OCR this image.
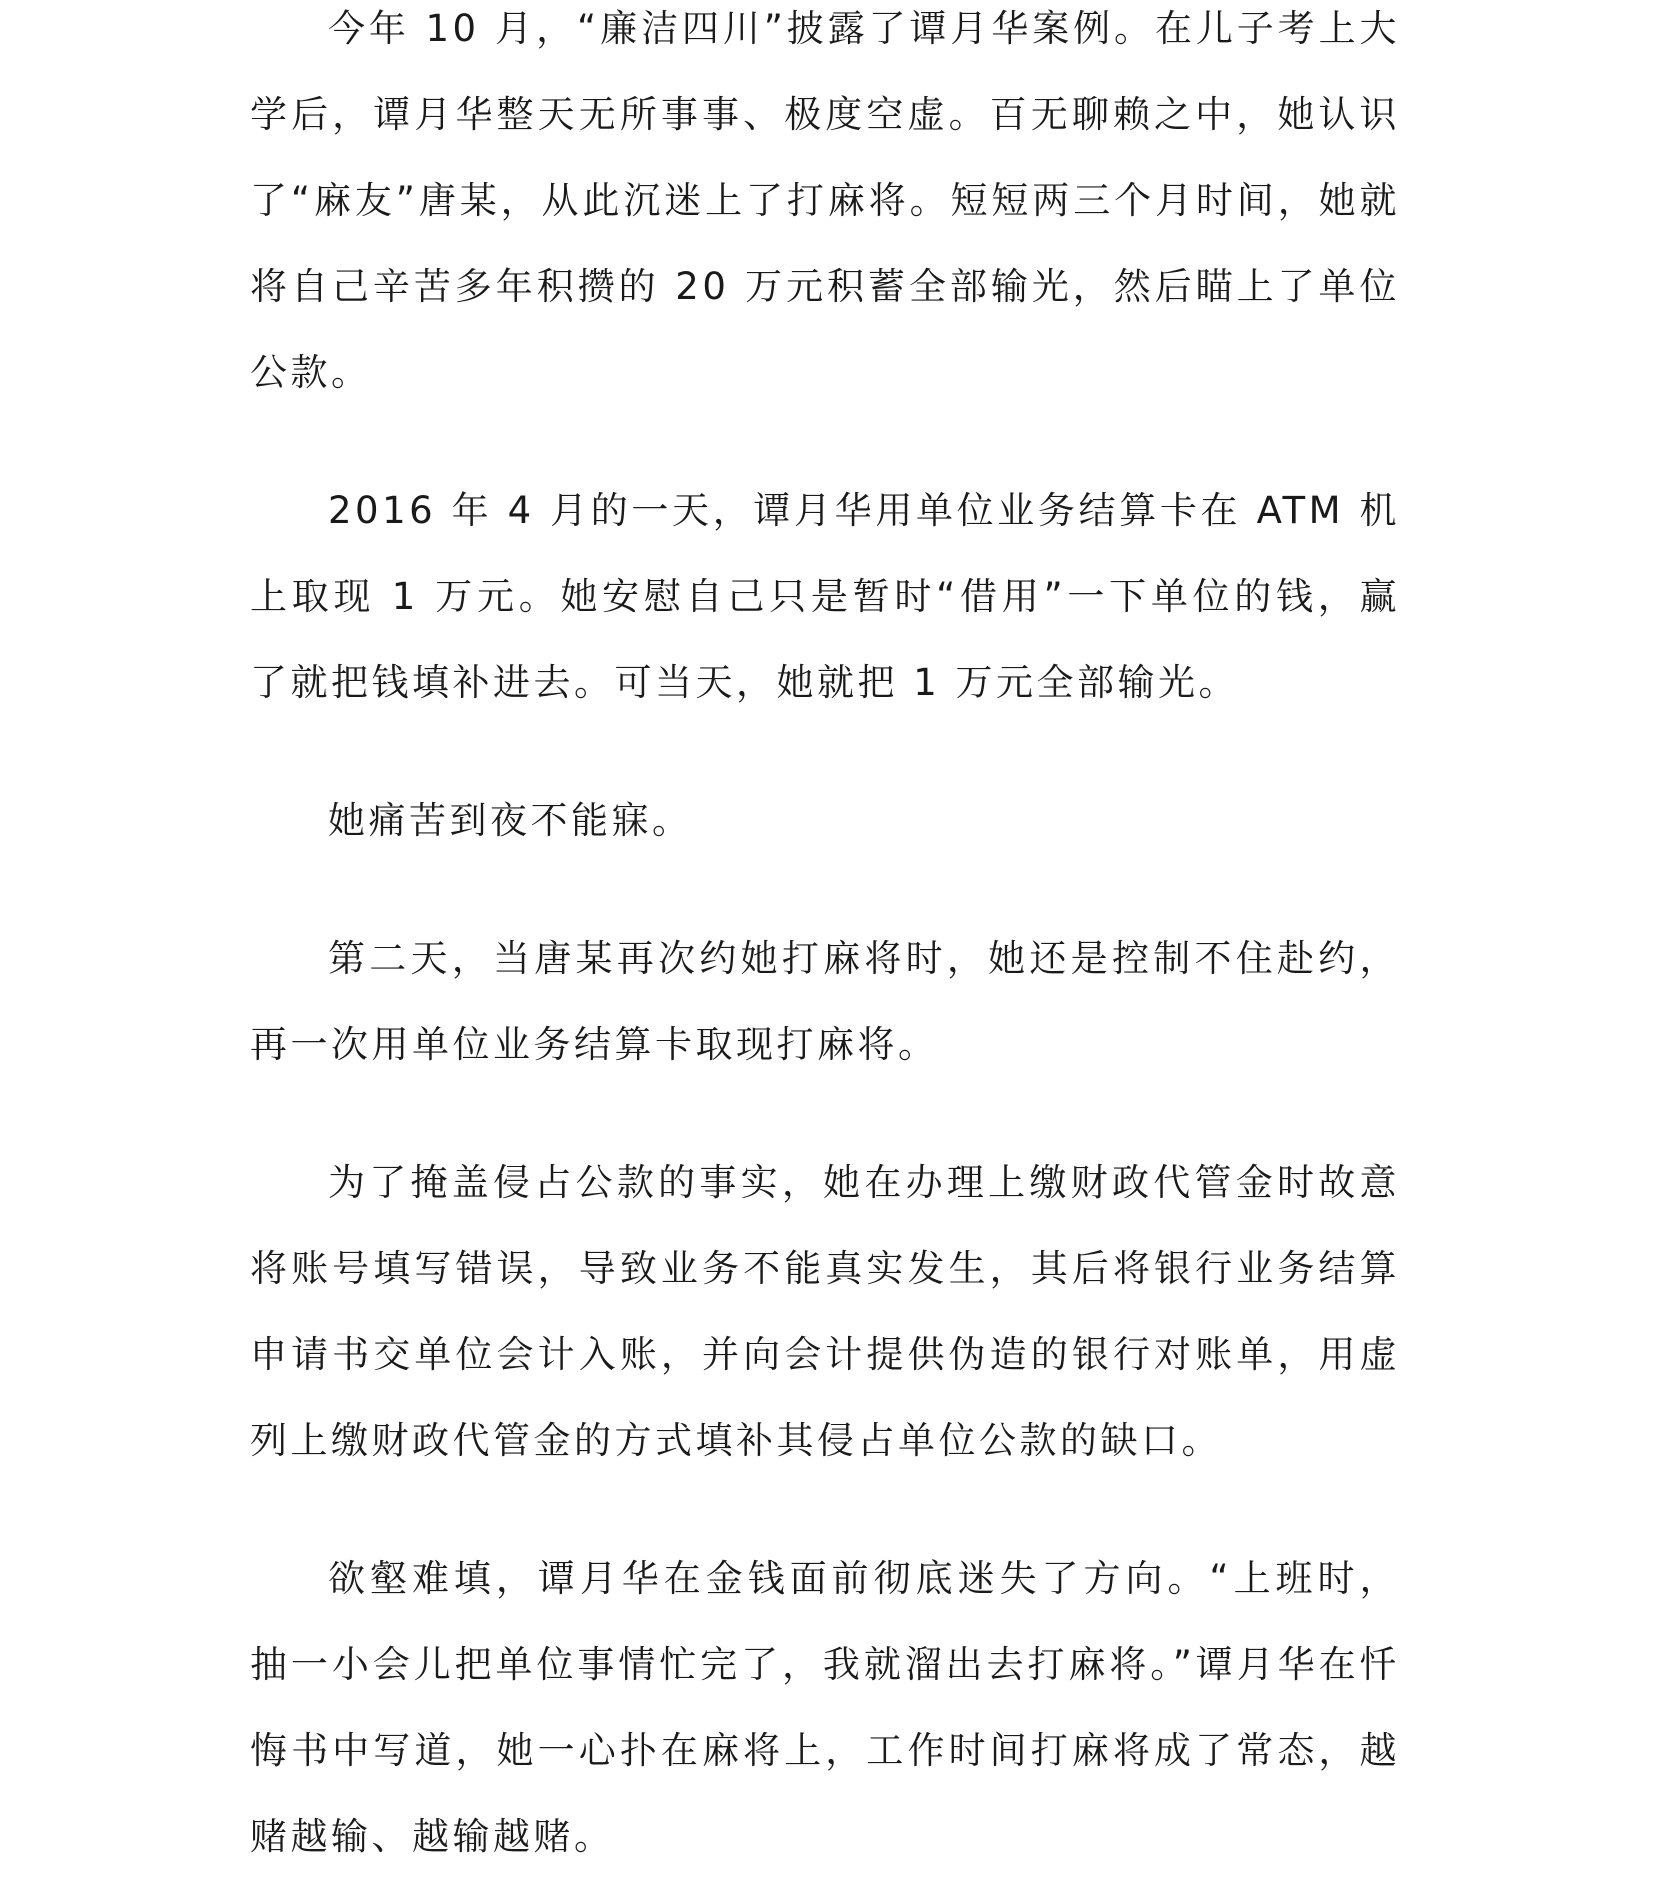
今年 10 月，“廉洁四川”披露了谭月华案例。在儿子考上大学后，谭月华整天无所事事、极度空虚。百无聊赖之中，她认识了“麻友”唐某，从此沉迷上了打麻将。短短两三个月时间，她就将自己辛苦多年积攒的 20 万元积蓄全部输光，然后瞄上了单位公款。

2016 年 4 月的一天，谭月华用单位业务结算卡在 ATM 机上取现 1 万元。她安慰自己只是暂时“借用”一下单位的钱，赢了就把钱填补进去。可当天，她就把 1 万元全部输光。

她痛苦到夜不能寐。

第二天，当唐某再次约她打麻将时，她还是控制不住赴约，再一次用单位业务结算卡取现打麻将。

为了掩盖侵占公款的事实，她在办理上缴财政代管金时故意将账号填写错误，导致业务不能真实发生，其后将银行业务结算申请书交单位会计入账，并向会计提供伪造的银行对账单，用虚列上缴财政代管金的方式填补其侵占单位公款的缺口。

欲壑难填，谭月华在金钱面前彻底迷失了方向。“上班时，抽一小会儿把单位事情忙完了，我就溜出去打麻将。”谭月华在忏悔书中写道，她一心扑在麻将上，工作时间打麻将成了常态，越赌越输、越输越赌。
